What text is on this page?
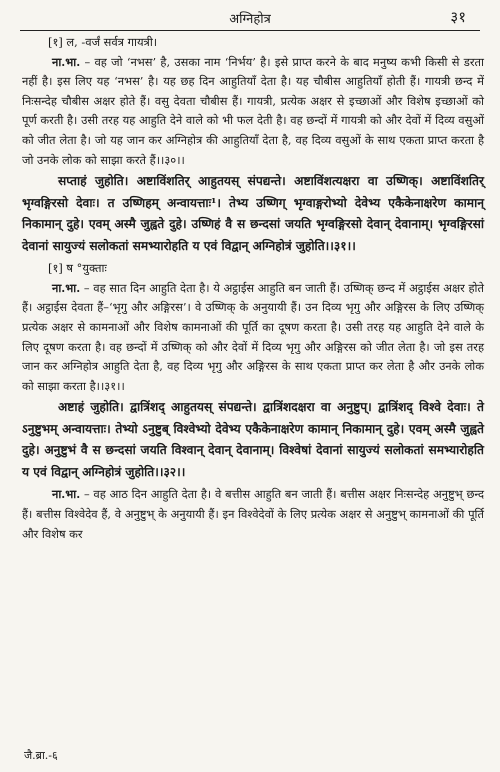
अग्निहोत्र	३१

[१] ल, -वर्जं सर्वत्र गायत्री।

ना.भा. – वह जो ‘नभस’ है, उसका नाम ‘निर्भय’ है। इसे प्राप्त करने के बाद मनुष्य कभी किसी से डरता नहीं है। इस लिए यह ‘नभस’ है। यह छह दिन आहुतियाँ देता है। यह चौबीस आहुतियाँ होती हैं। गायत्री छन्द में निःसन्देह चौबीस अक्षर होते हैं। वसु देवता चौबीस हैं। गायत्री, प्रत्येक अक्षर से इच्छाओं और विशेष इच्छाओं को पूर्ण करती है। उसी तरह यह आहुति देने वाले को भी फल देती है। वह छन्दों में गायत्री को और देवों में दिव्य वसुओं को जीत लेता है। जो यह जान कर अग्निहोत्र की आहुतियाँ देता है, वह दिव्य वसुओं के साथ एकता प्राप्त करता है जो उनके लोक को साझा करते हैं।।३०।।

सप्ताहं जुहोति। अष्टाविंशतिर् आहुतयस् संपद्यन्ते। अष्टाविंशत्यक्षरा वा उष्णिक्। अष्टाविंशतिर् भृग्वङ्गिरसो देवाः। त उष्णिहम् अन्वायत्ताः¹। तेभ्य उष्णिग् भृग्वाङ्गरोभ्यो देवेभ्य एकैकेनाक्षरेण कामान् निकामान् दुहे। एवम् अस्मै जुह्वते दुहे। उष्णिहं वै स छन्दसां जयति भृग्वङ्गिरसो देवान् देवानाम्। भृग्वङ्गिरसां देवानां सायुज्यं सलोकतां समभ्यारोहति य एवं विद्वान् अग्निहोत्रं जुहोति।।३१।।

[१] ष °युक्ताः

ना.भा. – वह सात दिन आहुति देता है। ये अट्ठाईस आहुति बन जाती हैं। उष्णिक् छन्द में अट्ठाईस अक्षर होते हैं। अट्ठाईस देवता हैं–‘भृगु और अङ्गिरस’। वे उष्णिक् के अनुयायी हैं। उन दिव्य भृगु और अङ्गिरस के लिए उष्णिक् प्रत्येक अक्षर से कामनाओं और विशेष कामनाओं की पूर्ति का दूषण करता है। उसी तरह यह आहुति देने वाले के लिए दूषण करता है। वह छन्दों में उष्णिक् को और देवों में दिव्य भृगु और अङ्गिरस को जीत लेता है। जो इस तरह जान कर अग्निहोत्र आहुति देता है, वह दिव्य भृगु और अङ्गिरस के साथ एकता प्राप्त कर लेता है और उनके लोक को साझा करता है।।३१।।

अष्टाहं जुहोति। द्वात्रिंशद् आहुतयस् संपद्यन्ते। द्वात्रिंशदक्षरा वा अनुष्टुप्। द्वात्रिंशद् विश्वे देवाः। ते ऽनुष्टुभम् अन्वायत्ताः। तेभ्यो ऽनुष्टुब् विश्वेभ्यो देवेभ्य एकैकेनाक्षरेण कामान् निकामान् दुहे। एवम् अस्मै जुह्वते दुहे। अनुष्टुभं वै स छन्दसां जयति विश्वान् देवान् देवानाम्। विश्वेषां देवानां सायुज्यं सलोकतां समभ्यारोहति य एवं विद्वान् अग्निहोत्रं जुहोति।।३२।।

ना.भा. – वह आठ दिन आहुति देता है। वे बत्तीस आहुति बन जाती हैं। बत्तीस अक्षर निःसन्देह अनुष्टुभ् छन्द हैं। बत्तीस विश्वेदेव हैं, वे अनुष्टुभ् के अनुयायी हैं। इन विश्वेदेवों के लिए प्रत्येक अक्षर से अनुष्टुभ् कामनाओं की पूर्ति और विशेष कर

जै.ब्रा.-६
